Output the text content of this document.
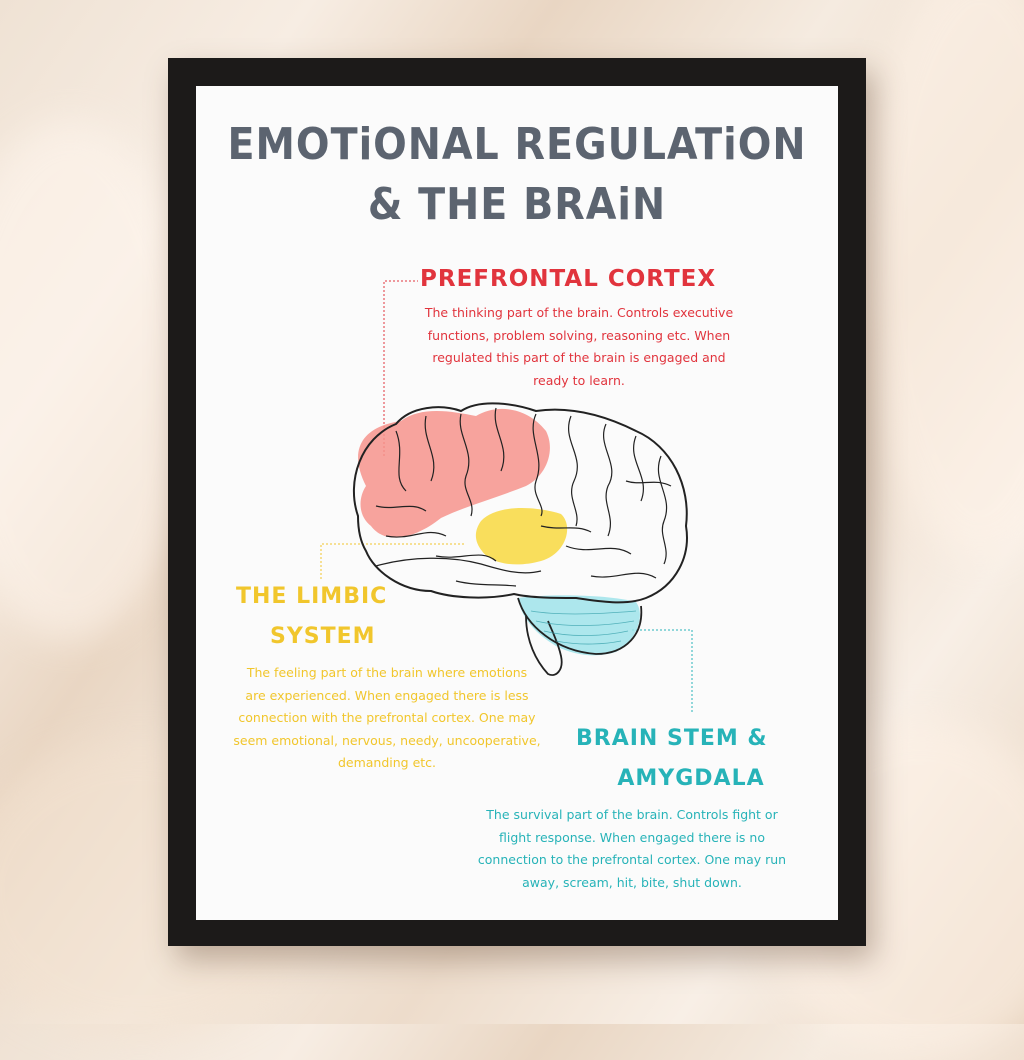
EMOTiONAL REGULATiON
& THE BRAiN

PREFRONTAL CORTEX

The thinking part of the brain. Controls executive
functions, problem solving, reasoning etc. When
regulated this part of the brain is engaged and
ready to learn.

THE LIMBIC

SYSTEM

The feeling part of the brain where emotions
are experienced. When engaged there is less
connection with the prefrontal cortex. One may
seem emotional, nervous, needy, uncooperative,
demanding etc.

BRAIN STEM &

AMYGDALA

The survival part of the brain. Controls fight or
flight response. When engaged there is no
connection to the prefrontal cortex. One may run
away, scream, hit, bite, shut down.
